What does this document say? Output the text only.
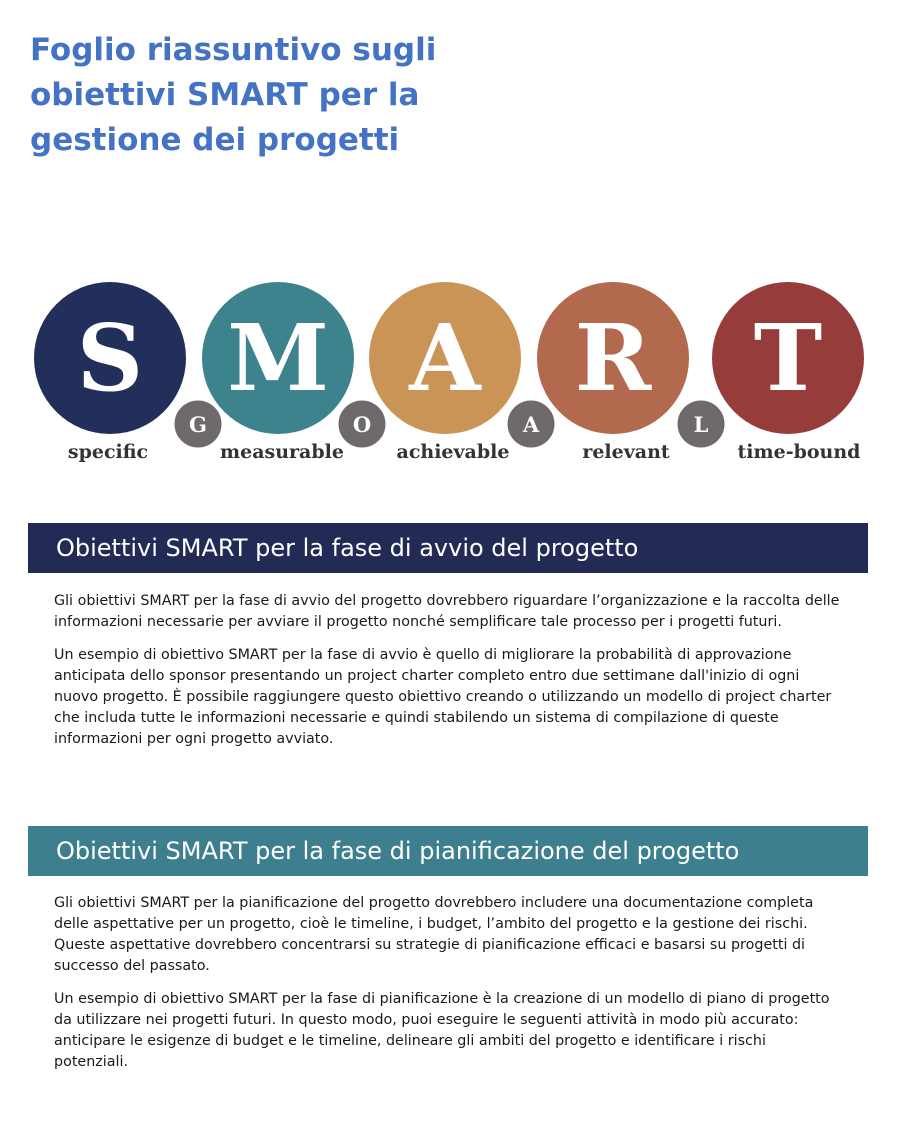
Foglio riassuntivo sugli obiettivi SMART per la gestione dei progetti
S M A R T
G	O	A	L
specific	measurable	achievable	relevant	time-bound
Obiettivi SMART per la fase di avvio del progetto

Gli obiettivi SMART per la fase di avvio del progetto dovrebbero riguardare l’organizzazione e la raccolta delle informazioni necessarie per avviare il progetto nonché semplificare tale processo per i progetti futuri.

Un esempio di obiettivo SMART per la fase di avvio è quello di migliorare la probabilità di approvazione anticipata dello sponsor presentando un project charter completo entro due settimane dall'inizio di ogni nuovo progetto. È possibile raggiungere questo obiettivo creando o utilizzando un modello di project charter che includa tutte le informazioni necessarie e quindi stabilendo un sistema di compilazione di queste informazioni per ogni progetto avviato.

Obiettivi SMART per la fase di pianificazione del progetto

Gli obiettivi SMART per la pianificazione del progetto dovrebbero includere una documentazione completa delle aspettative per un progetto, cioè le timeline, i budget, l’ambito del progetto e la gestione dei rischi. Queste aspettative dovrebbero concentrarsi su strategie di pianificazione efficaci e basarsi su progetti di successo del passato.

Un esempio di obiettivo SMART per la fase di pianificazione è la creazione di un modello di piano di progetto da utilizzare nei progetti futuri. In questo modo, puoi eseguire le seguenti attività in modo più accurato: anticipare le esigenze di budget e le timeline, delineare gli ambiti del progetto e identificare i rischi potenziali.
